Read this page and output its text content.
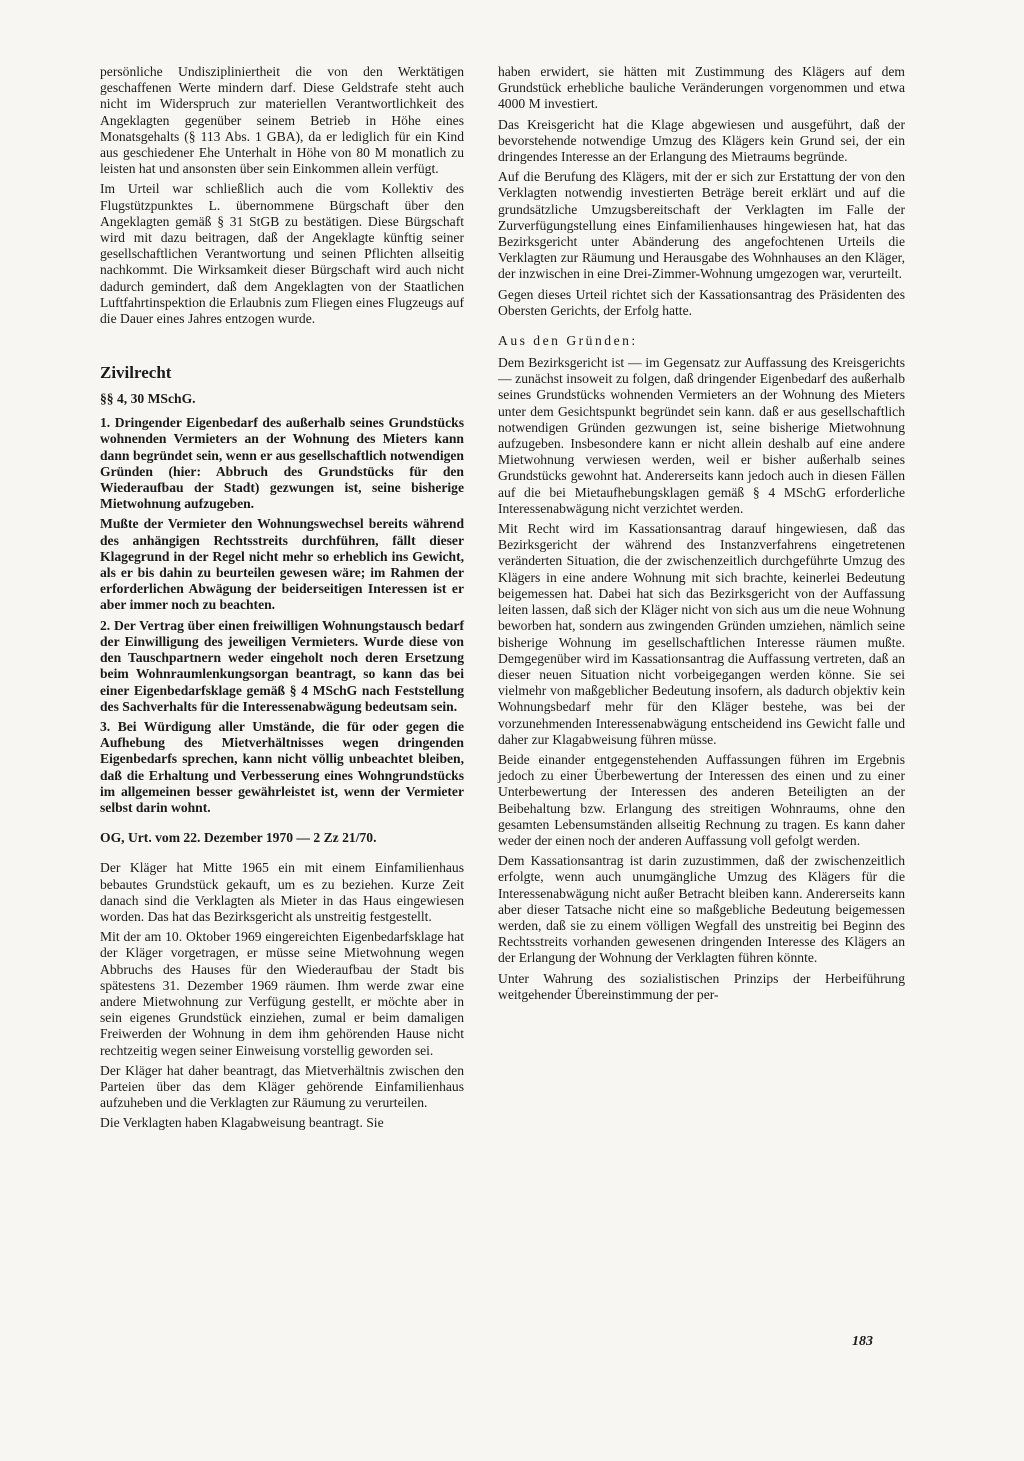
persönliche Undiszipliniertheit die von den Werktätigen geschaffenen Werte mindern darf. Diese Geldstrafe steht auch nicht im Widerspruch zur materiellen Verantwortlichkeit des Angeklagten gegenüber seinem Betrieb in Höhe eines Monatsgehalts (§ 113 Abs. 1 GBA), da er lediglich für ein Kind aus geschiedener Ehe Unterhalt in Höhe von 80 M monatlich zu leisten hat und ansonsten über sein Einkommen allein verfügt.

Im Urteil war schließlich auch die vom Kollektiv des Flugstützpunktes L. übernommene Bürgschaft über den Angeklagten gemäß § 31 StGB zu bestätigen. Diese Bürgschaft wird mit dazu beitragen, daß der Angeklagte künftig seiner gesellschaftlichen Verantwortung und seinen Pflichten allseitig nachkommt. Die Wirksamkeit dieser Bürgschaft wird auch nicht dadurch gemindert, daß dem Angeklagten von der Staatlichen Luftfahrtinspektion die Erlaubnis zum Fliegen eines Flugzeugs auf die Dauer eines Jahres entzogen wurde.

Zivilrecht
§§ 4, 30 MSchG.

1. Dringender Eigenbedarf des außerhalb seines Grundstücks wohnenden Vermieters an der Wohnung des Mieters kann dann begründet sein, wenn er aus gesellschaftlich notwendigen Gründen (hier: Abbruch des Grundstücks für den Wiederaufbau der Stadt) gezwungen ist, seine bisherige Mietwohnung aufzugeben.

Mußte der Vermieter den Wohnungswechsel bereits während des anhängigen Rechtsstreits durchführen, fällt dieser Klagegrund in der Regel nicht mehr so erheblich ins Gewicht, als er bis dahin zu beurteilen gewesen wäre; im Rahmen der erforderlichen Abwägung der beiderseitigen Interessen ist er aber immer noch zu beachten.

2. Der Vertrag über einen freiwilligen Wohnungstausch bedarf der Einwilligung des jeweiligen Vermieters. Wurde diese von den Tauschpartnern weder eingeholt noch deren Ersetzung beim Wohnraumlenkungsorgan beantragt, so kann das bei einer Eigenbedarfsklage gemäß § 4 MSchG nach Feststellung des Sachverhalts für die Interessenabwägung bedeutsam sein.

3. Bei Würdigung aller Umstände, die für oder gegen die Aufhebung des Mietverhältnisses wegen dringenden Eigenbedarfs sprechen, kann nicht völlig unbeachtet bleiben, daß die Erhaltung und Verbesserung eines Wohngrundstücks im allgemeinen besser gewährleistet ist, wenn der Vermieter selbst darin wohnt.

OG, Urt. vom 22. Dezember 1970 — 2 Zz 21/70.

Der Kläger hat Mitte 1965 ein mit einem Einfamilienhaus bebautes Grundstück gekauft, um es zu beziehen. Kurze Zeit danach sind die Verklagten als Mieter in das Haus eingewiesen worden. Das hat das Bezirksgericht als unstreitig festgestellt.

Mit der am 10. Oktober 1969 eingereichten Eigenbedarfsklage hat der Kläger vorgetragen, er müsse seine Mietwohnung wegen Abbruchs des Hauses für den Wiederaufbau der Stadt bis spätestens 31. Dezember 1969 räumen. Ihm werde zwar eine andere Mietwohnung zur Verfügung gestellt, er möchte aber in sein eigenes Grundstück einziehen, zumal er beim damaligen Freiwerden der Wohnung in dem ihm gehörenden Hause nicht rechtzeitig wegen seiner Einweisung vorstellig geworden sei.

Der Kläger hat daher beantragt, das Mietverhältnis zwischen den Parteien über das dem Kläger gehörende Einfamilienhaus aufzuheben und die Verklagten zur Räumung zu verurteilen.

Die Verklagten haben Klagabweisung beantragt. Sie

haben erwidert, sie hätten mit Zustimmung des Klägers auf dem Grundstück erhebliche bauliche Veränderungen vorgenommen und etwa 4000 M investiert.

Das Kreisgericht hat die Klage abgewiesen und ausgeführt, daß der bevorstehende notwendige Umzug des Klägers kein Grund sei, der ein dringendes Interesse an der Erlangung des Mietraums begründe.

Auf die Berufung des Klägers, mit der er sich zur Erstattung der von den Verklagten notwendig investierten Beträge bereit erklärt und auf die grundsätzliche Umzugsbereitschaft der Verklagten im Falle der Zurverfügungstellung eines Einfamilienhauses hingewiesen hat, hat das Bezirksgericht unter Abänderung des angefochtenen Urteils die Verklagten zur Räumung und Herausgabe des Wohnhauses an den Kläger, der inzwischen in eine Drei-Zimmer-Wohnung umgezogen war, verurteilt.

Gegen dieses Urteil richtet sich der Kassationsantrag des Präsidenten des Obersten Gerichts, der Erfolg hatte.

Aus den Gründen:

Dem Bezirksgericht ist — im Gegensatz zur Auffassung des Kreisgerichts — zunächst insoweit zu folgen, daß dringender Eigenbedarf des außerhalb seines Grundstücks wohnenden Vermieters an der Wohnung des Mieters unter dem Gesichtspunkt begründet sein kann. daß er aus gesellschaftlich notwendigen Gründen gezwungen ist, seine bisherige Mietwohnung aufzugeben. Insbesondere kann er nicht allein deshalb auf eine andere Mietwohnung verwiesen werden, weil er bisher außerhalb seines Grundstücks gewohnt hat. Andererseits kann jedoch auch in diesen Fällen auf die bei Mietaufhebungsklagen gemäß § 4 MSchG erforderliche Interessenabwägung nicht verzichtet werden.

Mit Recht wird im Kassationsantrag darauf hingewiesen, daß das Bezirksgericht der während des Instanzverfahrens eingetretenen veränderten Situation, die der zwischenzeitlich durchgeführte Umzug des Klägers in eine andere Wohnung mit sich brachte, keinerlei Bedeutung beigemessen hat. Dabei hat sich das Bezirksgericht von der Auffassung leiten lassen, daß sich der Kläger nicht von sich aus um die neue Wohnung beworben hat, sondern aus zwingenden Gründen umziehen, nämlich seine bisherige Wohnung im gesellschaftlichen Interesse räumen mußte. Demgegenüber wird im Kassationsantrag die Auffassung vertreten, daß an dieser neuen Situation nicht vorbeigegangen werden könne. Sie sei vielmehr von maßgeblicher Bedeutung insofern, als dadurch objektiv kein Wohnungsbedarf mehr für den Kläger bestehe, was bei der vorzunehmenden Interessenabwägung entscheidend ins Gewicht falle und daher zur Klagabweisung führen müsse.

Beide einander entgegenstehenden Auffassungen führen im Ergebnis jedoch zu einer Überbewertung der Interessen des einen und zu einer Unterbewertung der Interessen des anderen Beteiligten an der Beibehaltung bzw. Erlangung des streitigen Wohnraums, ohne den gesamten Lebensumständen allseitig Rechnung zu tragen. Es kann daher weder der einen noch der anderen Auffassung voll gefolgt werden.

Dem Kassationsantrag ist darin zuzustimmen, daß der zwischenzeitlich erfolgte, wenn auch unumgängliche Umzug des Klägers für die Interessenabwägung nicht außer Betracht bleiben kann. Andererseits kann aber dieser Tatsache nicht eine so maßgebliche Bedeutung beigemessen werden, daß sie zu einem völligen Wegfall des unstreitig bei Beginn des Rechtsstreits vorhanden gewesenen dringenden Interesse des Klägers an der Erlangung der Wohnung der Verklagten führen könnte.

Unter Wahrung des sozialistischen Prinzips der Herbeiführung weitgehender Übereinstimmung der per-

183
